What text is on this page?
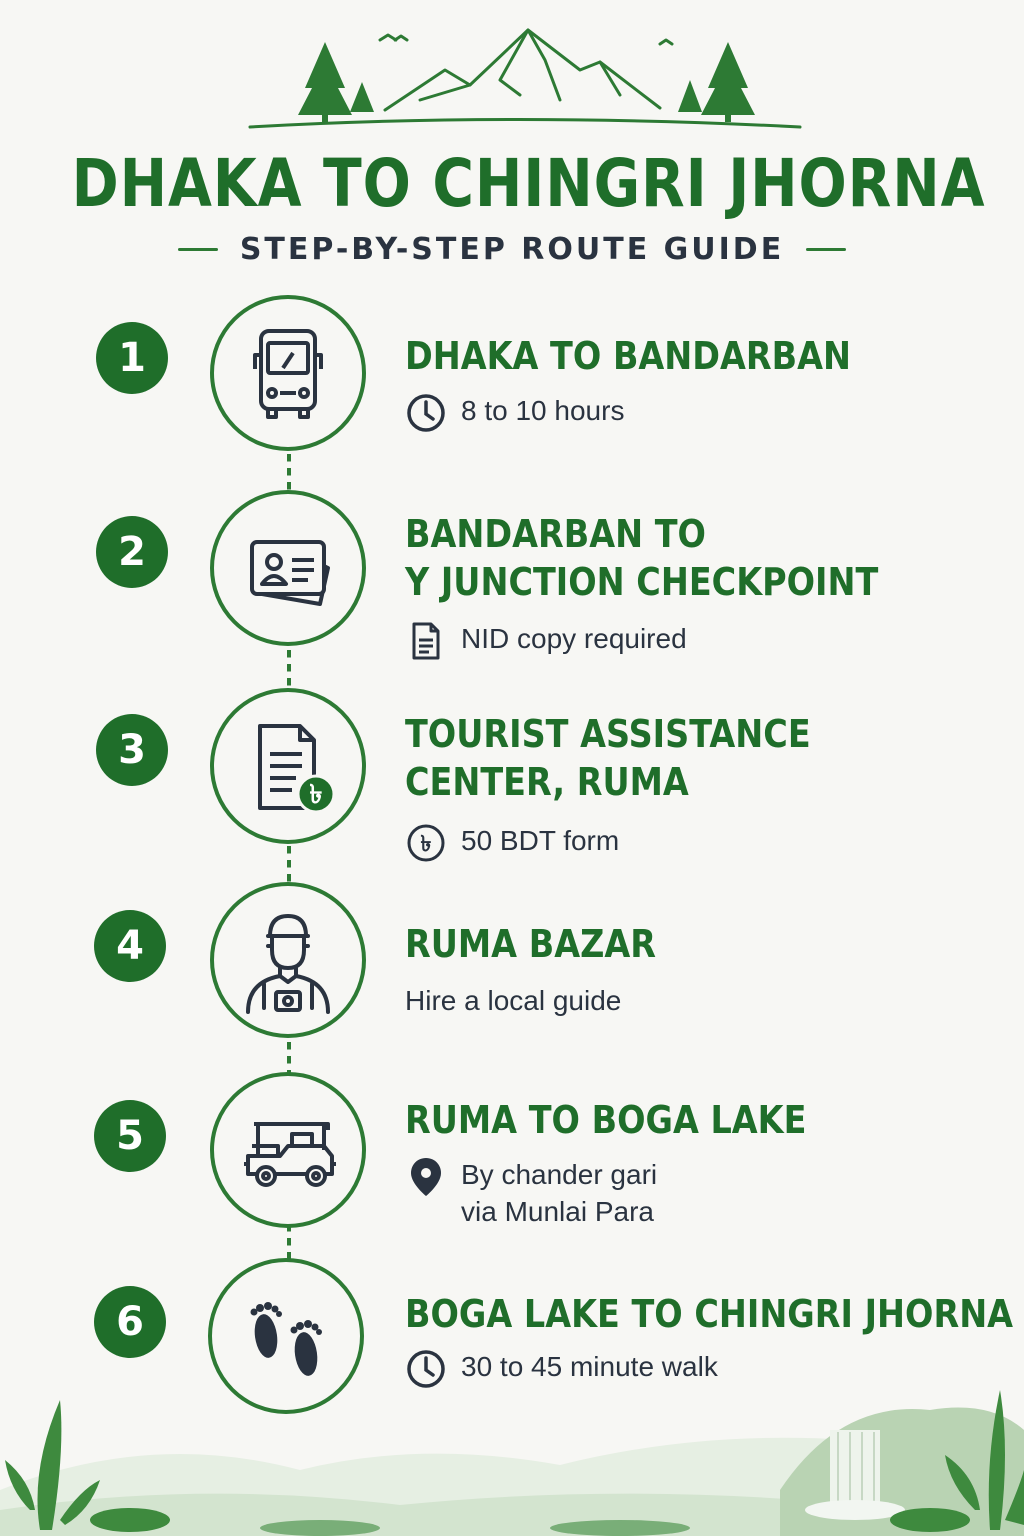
DHAKA TO CHINGRI JHORNA
STEP-BY-STEP ROUTE GUIDE
1	DHAKA TO BANDARBAN
8 to 10 hours
2	BANDARBAN TO
Y JUNCTION CHECKPOINT
NID copy required
3
৳
TOURIST ASSISTANCE
CENTER, RUMA
৳ 50 BDT form
4	RUMA BAZAR
Hire a local guide
5	RUMA TO BOGA LAKE
By chander gari
via Munlai Para
6	BOGA LAKE TO CHINGRI JHORNA
30 to 45 minute walk
